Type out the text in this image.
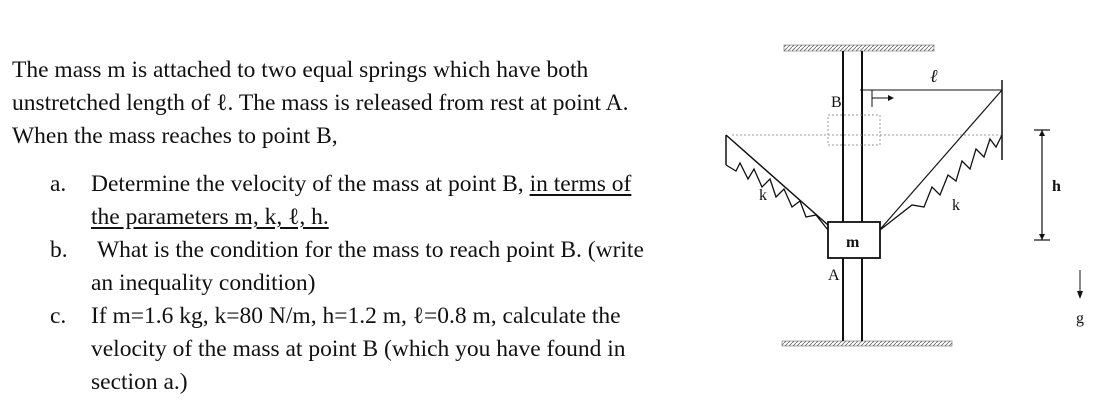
The mass m is attached to two equal springs which have both

unstretched length of ℓ. The mass is released from rest at point A.

When the mass reaches to point B,

a. Determine the velocity of the mass at point B, in terms of
the parameters m, k, ℓ, h.
b. What is the condition for the mass to reach point B. (write
an inequality condition)
c. If m=1.6 kg, k=80 N/m, h=1.2 m, ℓ=0.8 m, calculate the
velocity of the mass at point B (which you have found in
section a.)
B
ℓ
m
A
k
k
h
g
